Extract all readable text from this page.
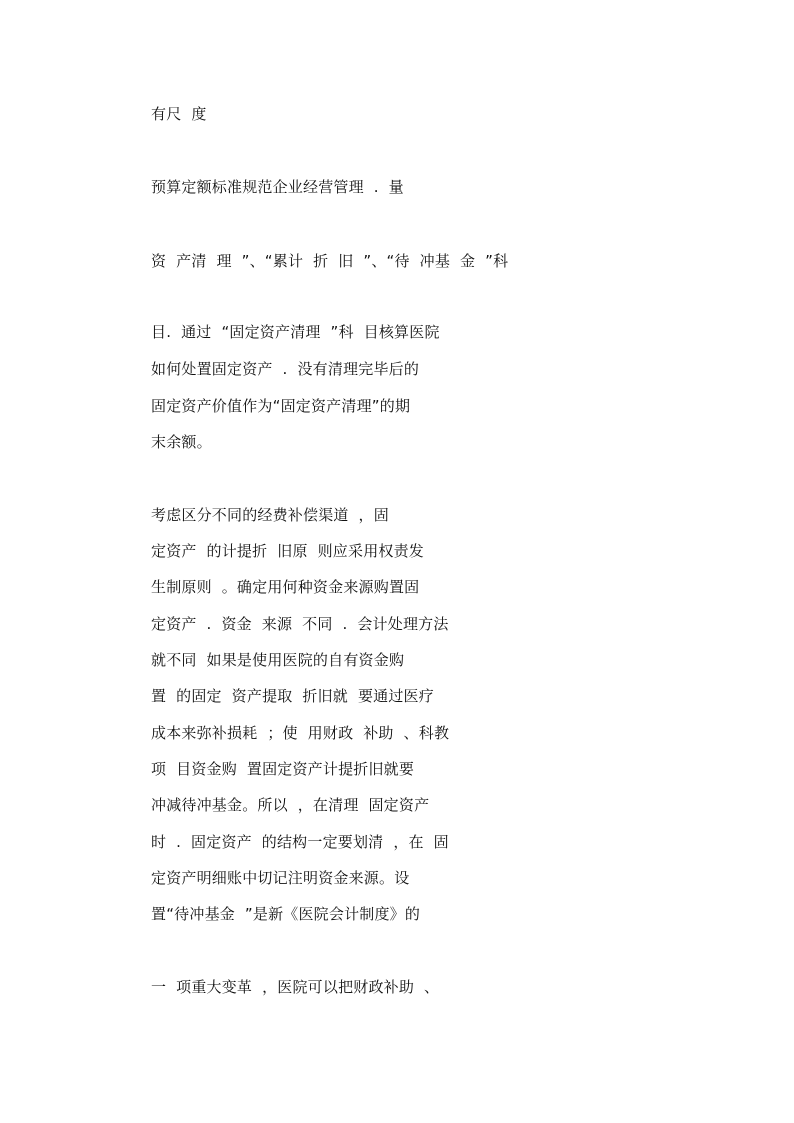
有尺  度
预算定额标准规范企业经营管理  .  量
资  产清  理  ”、“累计  折  旧  ”、“待  冲基  金  ”科
目.  通过  “固定资产清理  ”科  目核算医院
如何处置固定资产  .  没有清理完毕后的
固定资产价值作为“固定资产清理”的期
末余额。
考虑区分不同的经费补偿渠道  ，固
定资产  的计提折  旧原  则应采用权责发
生制原则  。确定用何种资金来源购置固
定资产  .  资金  来源  不同  .  会计处理方法
就不同  如果是使用医院的自有资金购
置  的固定  资产提取  折旧就  要通过医疗
成本来弥补损耗  ；使  用财政  补助  、科教
项  目资金购  置固定资产计提折旧就要
冲减待冲基金。所以  ，在清理  固定资产
时  .  固定资产  的结构一定要划清  ，在  固
定资产明细账中切记注明资金来源。设
置“待冲基金  ”是新《医院会计制度》的
一  项重大变革  ，医院可以把财政补助  、
